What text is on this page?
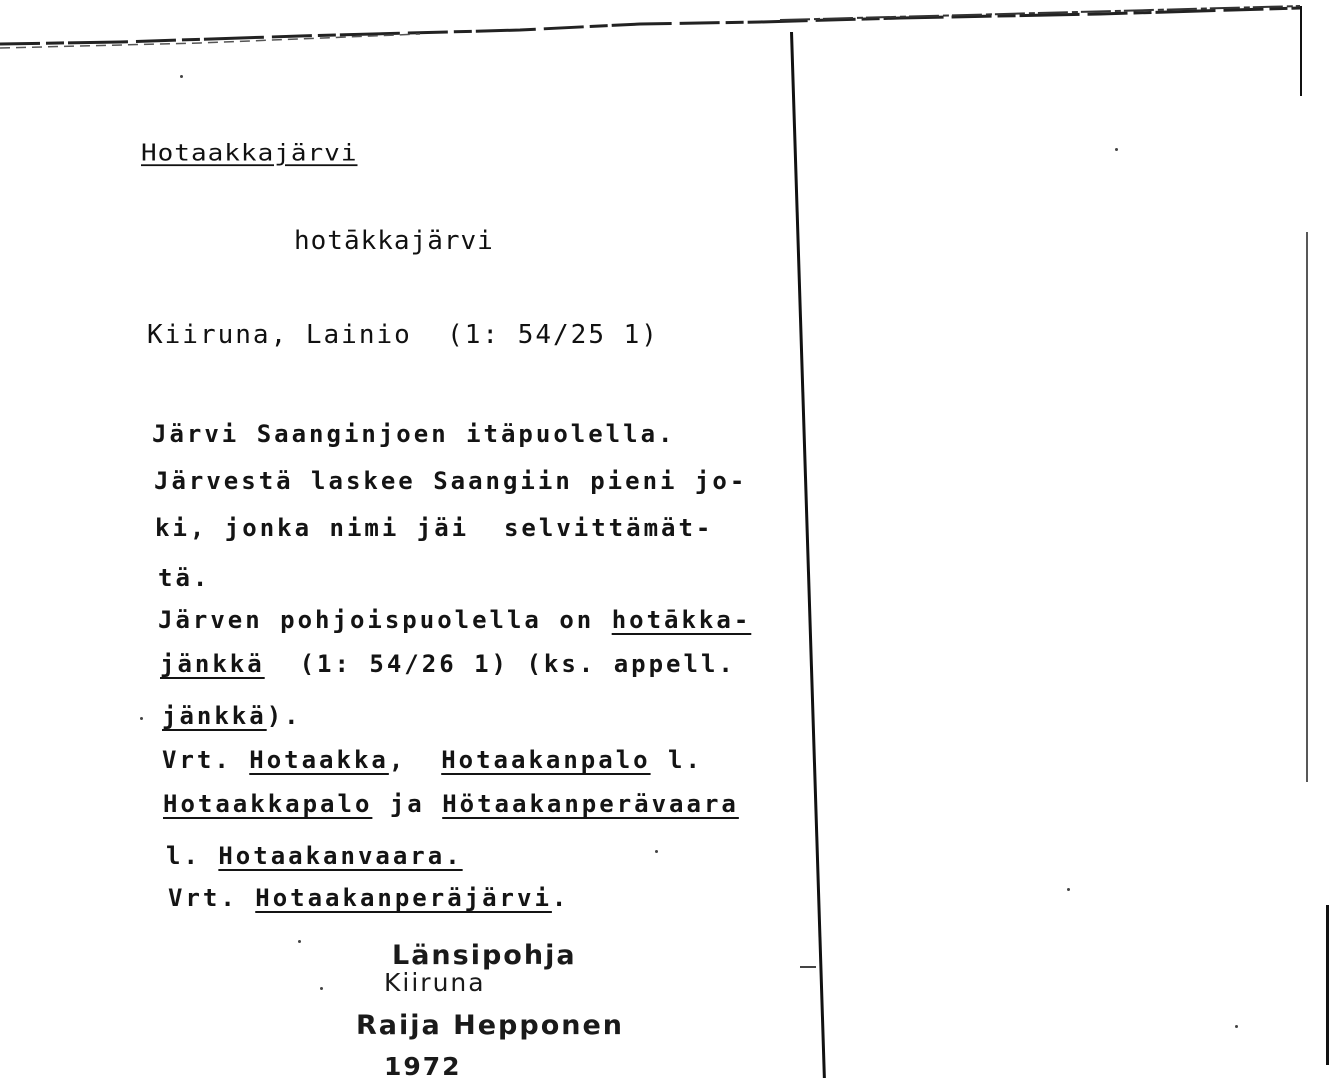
Hotaakkajärvi
hotākkajärvi
Kiiruna, Lainio  (1: 54/25 1)
Järvi Saanginjoen itäpuolella.
Järvestä laskee Saangiin pieni jo-
ki, jonka nimi jäi  selvittämät-
tä.
Järven pohjoispuolella on hotākka-
jänkkä (1: 54/26 1) (ks. appell.
jänkkä).
Vrt. Hotaakka, Hotaakanpalo l.
Hotaakkapalo ja Hötaakanperävaara
l. Hotaakanvaara.
Vrt. Hotaakanperäjärvi.
Länsipohja
Kiiruna
Raija Hepponen
1972
